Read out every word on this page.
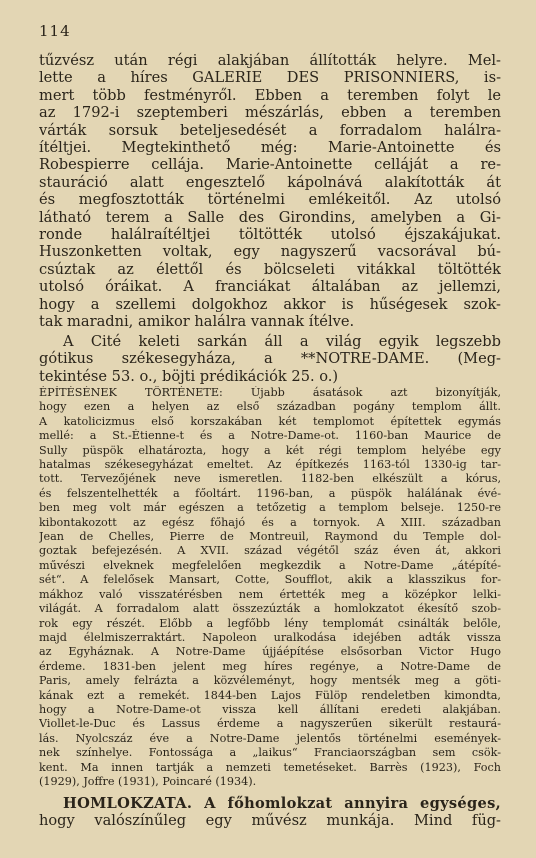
114

tűzvész után régi alakjában állították helyre. Mel-
lette a híres GALERIE DES PRISONNIERS, is-
mert több festményről. Ebben a teremben folyt le
az 1792-i szeptemberi mészárlás, ebben a teremben
várták sorsuk beteljesedését a forradalom halálra-
ítéltjei. Megtekinthető még: Marie-Antoinette és
Robespierre cellája. Marie-Antoinette celláját a re-
stauráció alatt engesztelő kápolnává alakították át
és megfosztották történelmi emlékeitől. Az utolsó
látható terem a Salle des Girondins, amelyben a Gi-
ronde halálraítéltjei töltötték utolsó éjszakájukat.
Huszonketten voltak, egy nagyszerű vacsorával bú-
csúztak az élettől és bölcseleti vitákkal töltötték
utolsó óráikat. A franciákat általában az jellemzi,
hogy a szellemi dolgokhoz akkor is hűségesek szok-
tak maradni, amikor halálra vannak ítélve.

A Cité keleti sarkán áll a világ egyik legszebb
gótikus székesegyháza, a **NOTRE-DAME. (Meg-
tekintése 53. o., böjti prédikációk 25. o.)

ÉPÍTÉSÉNEK TÖRTÉNETE: Újabb ásatások azt bizonyítják,
hogy ezen a helyen az első században pogány templom állt.
A katolicizmus első korszakában két templomot építettek egymás
mellé: a St.-Étienne-t és a Notre-Dame-ot. 1160-ban Maurice de
Sully püspök elhatározta, hogy a két régi templom helyébe egy
hatalmas székesegyházat emeltet. Az építkezés 1163-tól 1330-ig tar-
tott. Tervezőjének neve ismeretlen. 1182-ben elkészült a kórus,
és felszentelhették a főoltárt. 1196-ban, a püspök halálának évé-
ben meg volt már egészen a tetőzetig a templom belseje. 1250-re
kibontakozott az egész főhajó és a tornyok. A XIII. században
Jean de Chelles, Pierre de Montreuil, Raymond du Temple dol-
goztak befejezésén. A XVII. század végétől száz éven át, akkori
művészi elveknek megfelelően megkezdik a Notre-Dame „átépíté-
sét“. A felelősek Mansart, Cotte, Soufflot, akik a klasszikus for-
mákhoz való visszatérésben nem értették meg a középkor lelki-
világát. A forradalom alatt összezúzták a homlokzatot ékesítő szob-
rok egy részét. Előbb a legfőbb lény templomát csinálták belőle,
majd élelmiszerraktárt. Napoleon uralkodása idejében adták vissza
az Egyháznak. A Notre-Dame újjáépítése elsősorban Victor Hugo
érdeme. 1831-ben jelent meg híres regénye, a Notre-Dame de
Paris, amely felrázta a közvéleményt, hogy mentsék meg a göti-
kának ezt a remekét. 1844-ben Lajos Fülöp rendeletben kimondta,
hogy a Notre-Dame-ot vissza kell állítani eredeti alakjában.
Viollet-le-Duc és Lassus érdeme a nagyszerűen sikerült restaurá-
lás. Nyolcszáz éve a Notre-Dame jelentős történelmi események-
nek színhelye. Fontossága a „laikus“ Franciaországban sem csök-
kent. Ma innen tartják a nemzeti temetéseket. Barrès (1923), Foch
(1929), Joffre (1931), Poincaré (1934).

HOMLOKZATA. A főhomlokzat annyira egységes,
hogy valószínűleg egy művész munkája. Mind füg-
